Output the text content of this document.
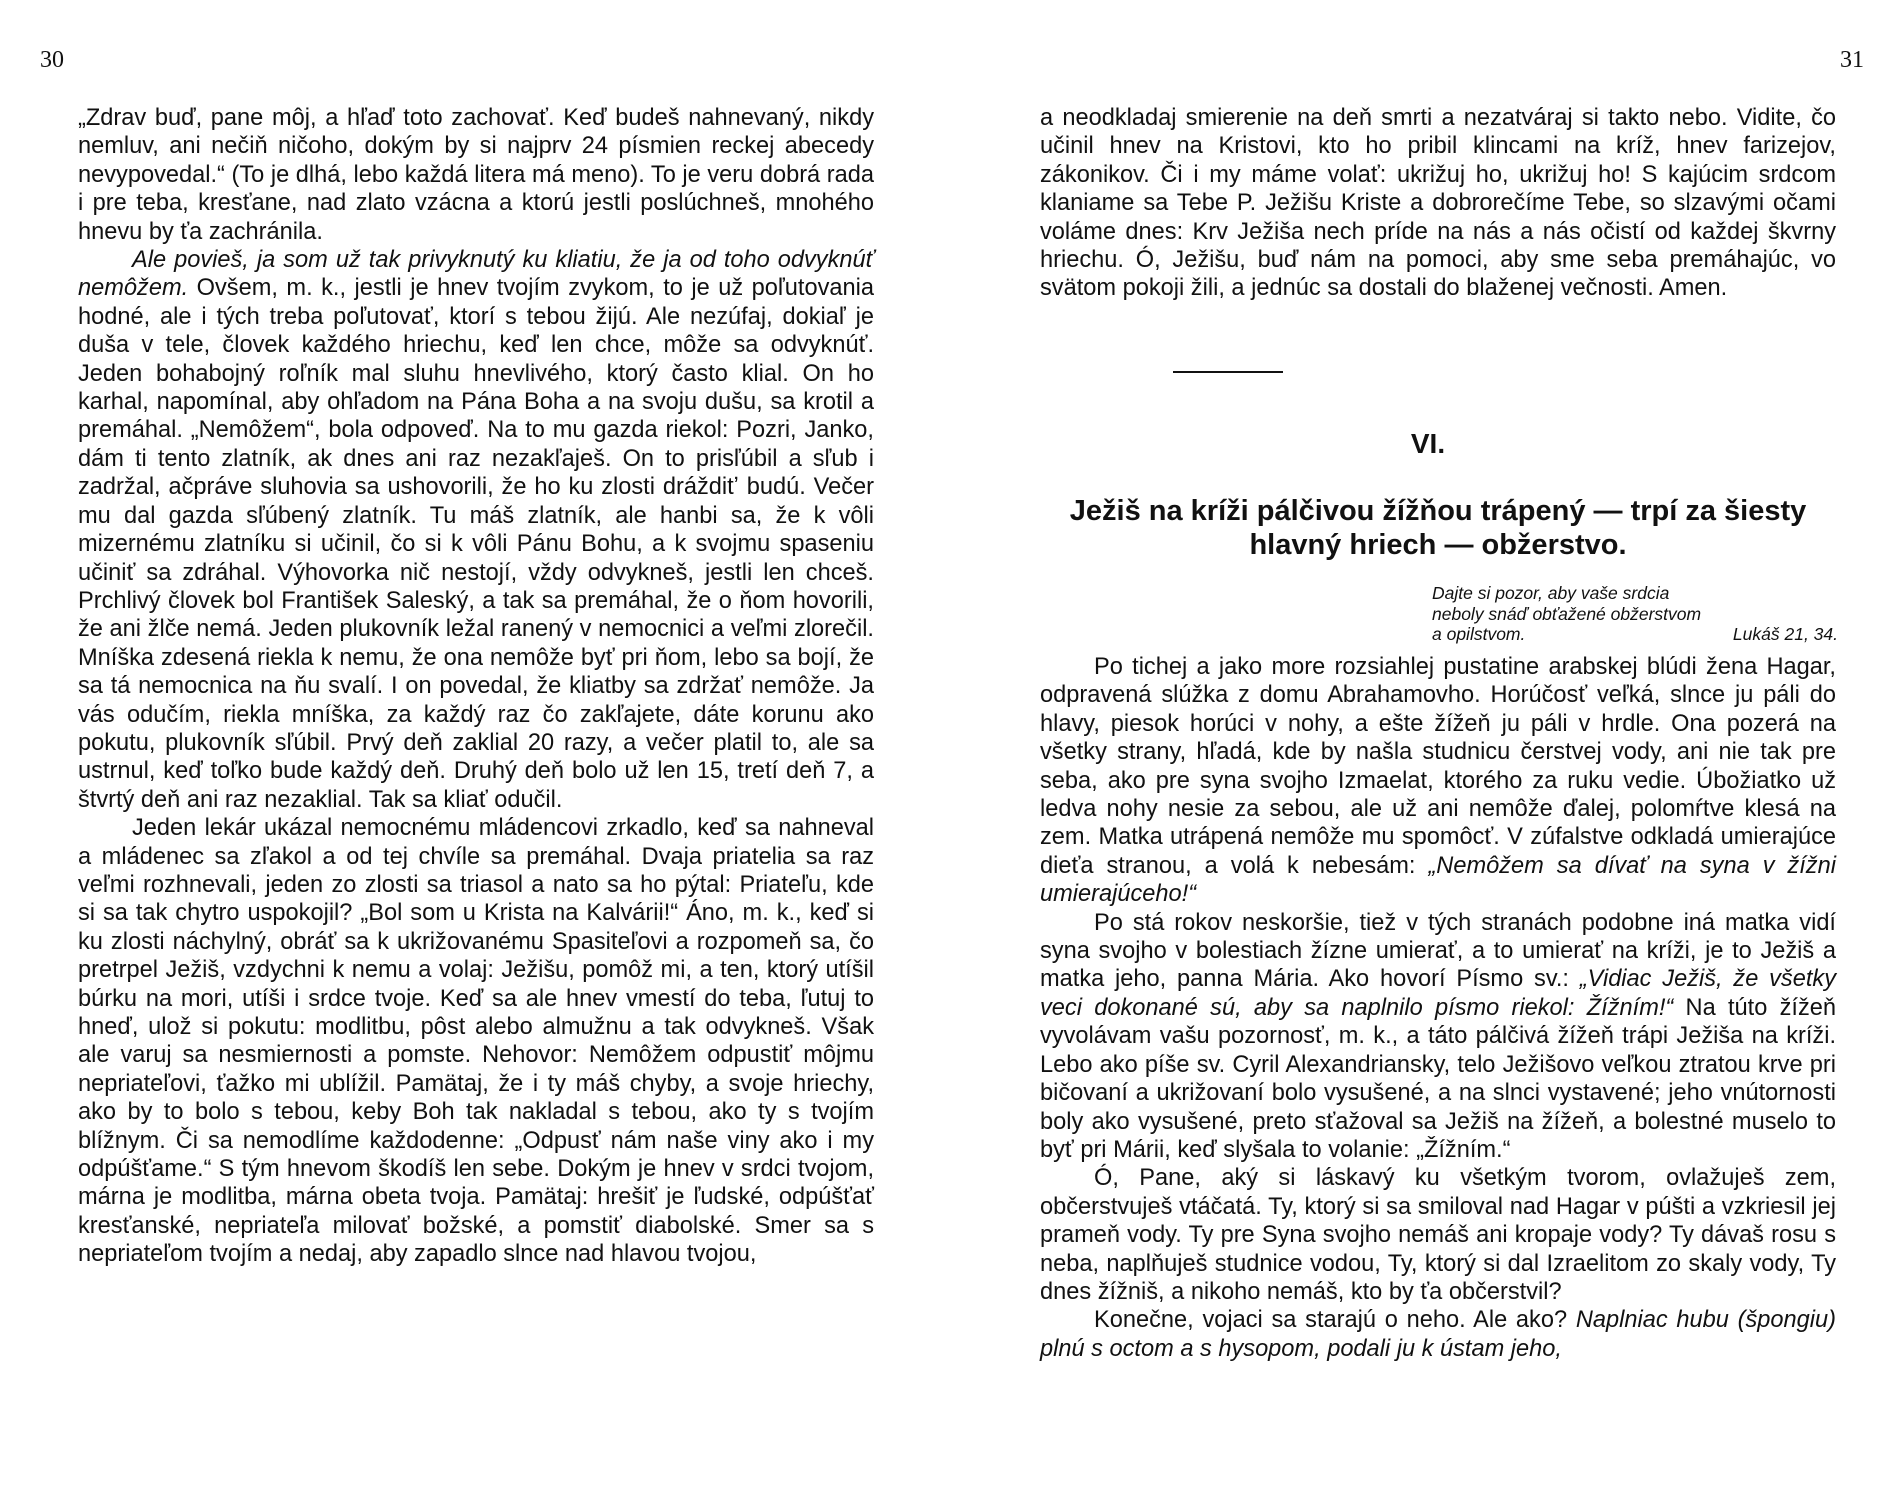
30

„Zdrav buď, pane môj, a hľaď toto zachovať. Keď budeš nahnevaný, nikdy nemluv, ani nečiň ničoho, dokým by si najprv 24 písmien reckej abecedy nevypovedal.“ (To je dlhá, lebo každá litera má meno). To je veru dobrá rada i pre teba, kresťane, nad zlato vzácna a ktorú jestli poslúchneš, mnohého hnevu by ťa zachránila.

Ale povieš, ja som už tak privyknutý ku kliatiu, že ja od toho odvyknúť nemôžem. Ovšem, m. k., jestli je hnev tvojím zvykom, to je už poľutovania hodné, ale i tých treba poľutovať, ktorí s tebou žijú. Ale nezúfaj, dokiaľ je duša v tele, človek každého hriechu, keď len chce, môže sa odvyknúť. Jeden bohabojný roľník mal sluhu hnevlivého, ktorý často klial. On ho karhal, napomínal, aby ohľadom na Pána Boha a na svoju dušu, sa krotil a premáhal. „Nemôžem“, bola odpoveď. Na to mu gazda riekol: Pozri, Janko, dám ti tento zlatník, ak dnes ani raz nezakľaješ. On to prisľúbil a sľub i zadržal, ačpráve sluhovia sa ushovorili, že ho ku zlosti drážditʼ budú. Večer mu dal gazda sľúbený zlatník. Tu máš zlatník, ale hanbi sa, že k vôli mizernému zlatníku si učinil, čo si k vôli Pánu Bohu, a k svojmu spaseniu učiniť sa zdráhal. Výhovorka nič nestojí, vždy odvykneš, jestli len chceš. Prchlivý človek bol František Saleský, a tak sa premáhal, že o ňom hovorili, že ani žlče nemá. Jeden plukovník ležal ranený v nemocnici a veľmi zlorečil. Mníška zdesená riekla k nemu, že ona nemôže byť pri ňom, lebo sa bojí, že sa tá nemocnica na ňu svalí. I on povedal, že kliatby sa zdržať nemôže. Ja vás odučím, riekla mníška, za každý raz čo zakľajete, dáte korunu ako pokutu, plukovník sľúbil. Prvý deň zaklial 20 razy, a večer platil to, ale sa ustrnul, keď toľko bude každý deň. Druhý deň bolo už len 15, tretí deň 7, a štvrtý deň ani raz nezaklial. Tak sa kliať odučil.

Jeden lekár ukázal nemocnému mládencovi zrkadlo, keď sa nahneval a mládenec sa zľakol a od tej chvíle sa premáhal. Dvaja priatelia sa raz veľmi rozhnevali, jeden zo zlosti sa triasol a nato sa ho pýtal: Priateľu, kde si sa tak chytro uspokojil? „Bol som u Krista na Kalvárii!“ Áno, m. k., keď si ku zlosti náchylný, obráť sa k ukrižovanému Spasiteľovi a rozpomeň sa, čo pretrpel Ježiš, vzdychni k nemu a volaj: Ježišu, pomôž mi, a ten, ktorý utíšil búrku na mori, utíši i srdce tvoje. Keď sa ale hnev vmestí do teba, ľutuj to hneď, ulož si pokutu: modlitbu, pôst alebo almužnu a tak odvykneš. Však ale varuj sa nesmiernosti a pomste. Nehovor: Nemôžem odpustiť môjmu nepriateľovi, ťažko mi ublížil. Pamätaj, že i ty máš chyby, a svoje hriechy, ako by to bolo s tebou, keby Boh tak nakladal s tebou, ako ty s tvojím blížnym. Či sa nemodlíme každodenne: „Odpusť nám naše viny ako i my odpúšťame.“ S tým hnevom škodíš len sebe. Dokým je hnev v srdci tvojom, márna je modlitba, márna obeta tvoja. Pamätaj: hrešiť je ľudské, odpúšťať kresťanské, nepriateľa milovať božské, a pomstiť diabolské. Smer sa s nepriateľom tvojím a nedaj, aby zapadlo slnce nad hlavou tvojou,

31

a neodkladaj smierenie na deň smrti a nezatváraj si takto nebo. Vidite, čo učinil hnev na Kristovi, kto ho pribil klincami na kríž, hnev farizejov, zákonikov. Či i my máme volať: ukrižuj ho, ukrižuj ho! S kajúcim srdcom klaniame sa Tebe P. Ježišu Kriste a dobrorečíme Tebe, so slzavými očami voláme dnes: Krv Ježiša nech príde na nás a nás očistí od každej škvrny hriechu. Ó, Ježišu, buď nám na pomoci, aby sme seba premáhajúc, vo svätom pokoji žili, a jednúc sa dostali do blaženej večnosti. Amen.

VI.
Ježiš na kríži pálčivou žížňou trápený — trpí za šiesty hlavný hriech — obžerstvo.
Dajte si pozor, aby vaše srdcia
neboly snáď obťažené obžerstvom
a opilstvom.	Lukáš 21, 34.

Po tichej a jako more rozsiahlej pustatine arabskej blúdi žena Hagar, odpravená slúžka z domu Abrahamovho. Horúčosť veľká, slnce ju páli do hlavy, piesok horúci v nohy, a ešte žížeň ju páli v hrdle. Ona pozerá na všetky strany, hľadá, kde by našla studnicu čerstvej vody, ani nie tak pre seba, ako pre syna svojho Izmaelat, ktorého za ruku vedie. Úbožiatko už ledva nohy nesie za sebou, ale už ani nemôže ďalej, polomŕtve klesá na zem. Matka utrápená nemôže mu spomôcť. V zúfalstve odkladá umierajúce dieťa stranou, a volá k nebesám: „Nemôžem sa dívať na syna v žížni umierajúceho!“

Po stá rokov neskoršie, tiež v tých stranách podobne iná matka vidí syna svojho v bolestiach žízne umierať, a to umierať na kríži, je to Ježiš a matka jeho, panna Mária. Ako hovorí Písmo sv.: „Vidiac Ježiš, že všetky veci dokonané sú, aby sa naplnilo písmo riekol: Žížním!“ Na túto žížeň vyvolávam vašu pozornosť, m. k., a táto pálčivá žížeň trápi Ježiša na kríži. Lebo ako píše sv. Cyril Alexandriansky, telo Ježišovo veľkou ztratou krve pri bičovaní a ukrižovaní bolo vysušené, a na slnci vystavené; jeho vnútornosti boly ako vysušené, preto sťažoval sa Ježiš na žížeň, a bolestné muselo to byť pri Márii, keď slyšala to volanie: „Žížním.“

Ó, Pane, aký si láskavý ku všetkým tvorom, ovlažuješ zem, občerstvuješ vtáčatá. Ty, ktorý si sa smiloval nad Hagar v púšti a vzkriesil jej prameň vody. Ty pre Syna svojho nemáš ani kropaje vody? Ty dávaš rosu s neba, naplňuješ studnice vodou, Ty, ktorý si dal Izraelitom zo skaly vody, Ty dnes žížniš, a nikoho nemáš, kto by ťa občerstvil?

Konečne, vojaci sa starajú o neho. Ale ako? Naplniac hubu (špongiu) plnú s octom a s hysopom, podali ju k ústam jeho,
